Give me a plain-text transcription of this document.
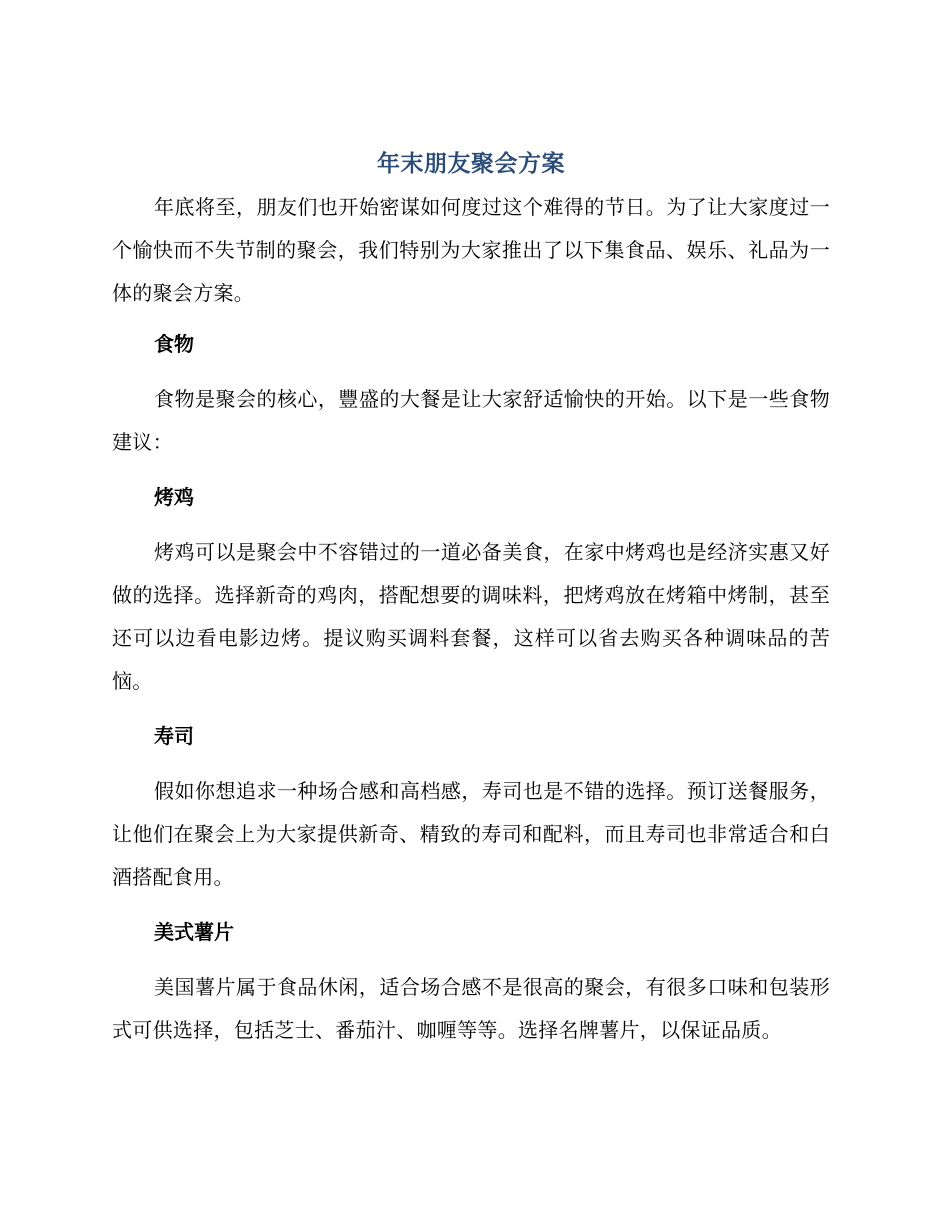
年末朋友聚会方案

年底将至，朋友们也开始密谋如何度过这个难得的节日。为了让大家度过一个愉快而不失节制的聚会，我们特别为大家推出了以下集食品、娱乐、礼品为一体的聚会方案。

食物

食物是聚会的核心，豐盛的大餐是让大家舒适愉快的开始。以下是一些食物建议：

烤鸡

烤鸡可以是聚会中不容错过的一道必备美食，在家中烤鸡也是经济实惠又好做的选择。选择新奇的鸡肉，搭配想要的调味料，把烤鸡放在烤箱中烤制，甚至还可以边看电影边烤。提议购买调料套餐，这样可以省去购买各种调味品的苦恼。

寿司

假如你想追求一种场合感和高档感，寿司也是不错的选择。预订送餐服务，让他们在聚会上为大家提供新奇、精致的寿司和配料，而且寿司也非常适合和白酒搭配食用。

美式薯片

美国薯片属于食品休闲，适合场合感不是很高的聚会，有很多口味和包装形式可供选择，包括芝士、番茄汁、咖喱等等。选择名牌薯片，以保证品质。
